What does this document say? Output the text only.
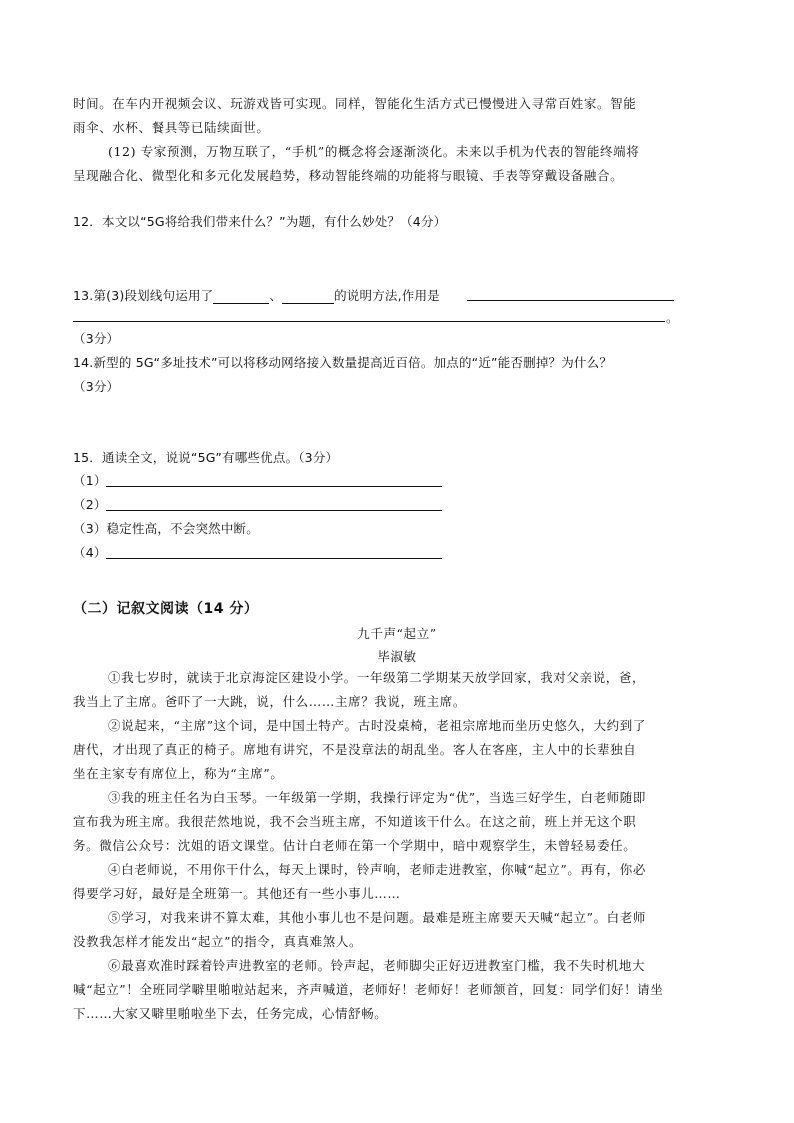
时间。在车内开视频会议、玩游戏皆可实现。同样，智能化生活方式已慢慢进入寻常百姓家。智能
雨伞、水杯、餐具等已陆续面世。
(12) 专家预测，万物互联了，“手机”的概念将会逐渐淡化。未来以手机为代表的智能终端将
呈现融合化、微型化和多元化发展趋势，移动智能终端的功能将与眼镜、手表等穿戴设备融合。
12．本文以“5G将给我们带来什么？”为题，有什么妙处？（4分）
13.第(3)段划线句运用了	、	的说明方法,作用是
。
（3分）
14.新型的 5G“多址技术”可以将移动网络接入数量提高近百倍。加点的“近”能否删掉？为什么？
（3分）
15．通读全文，说说“5G”有哪些优点。（3分）
（1）
（2）
（3）稳定性高，不会突然中断。
（4）
（二）记叙文阅读（14 分）
九千声“起立”
毕淑敏
①我七岁时，就读于北京海淀区建设小学。一年级第二学期某天放学回家，我对父亲说，爸，
我当上了主席。爸吓了一大跳，说，什么……主席？我说，班主席。
②说起来，“主席”这个词，是中国土特产。古时没桌椅，老祖宗席地而坐历史悠久，大约到了
唐代，才出现了真正的椅子。席地有讲究，不是没章法的胡乱坐。客人在客座，主人中的长辈独自
坐在主家专有席位上，称为“主席”。
③我的班主任名为白玉琴。一年级第一学期，我操行评定为“优”，当选三好学生，白老师随即
宣布我为班主席。我很茫然地说，我不会当班主席，不知道该干什么。在这之前，班上并无这个职
务。微信公众号：沈姐的语文课堂。估计白老师在第一个学期中，暗中观察学生，未曾轻易委任。
④白老师说，不用你干什么，每天上课时，铃声响，老师走进教室，你喊“起立”。再有，你必
得要学习好，最好是全班第一。其他还有一些小事儿……
⑤学习，对我来讲不算太难，其他小事儿也不是问题。最难是班主席要天天喊“起立”。白老师
没教我怎样才能发出“起立”的指令，真真难煞人。
⑥最喜欢准时踩着铃声进教室的老师。铃声起，老师脚尖正好迈进教室门槛，我不失时机地大
喊“起立”！全班同学噼里啪啦站起来，齐声喊道，老师好！老师好！老师颔首，回复：同学们好！请坐
下……大家又噼里啪啦坐下去，任务完成，心情舒畅。
